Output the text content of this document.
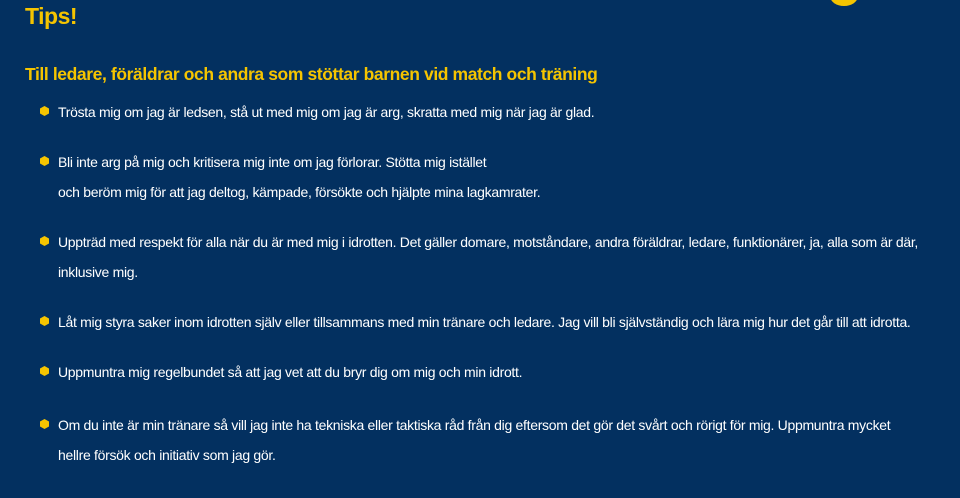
Tips!
Till ledare, föräldrar och andra som stöttar barnen vid match och träning
Trösta mig om jag är ledsen, stå ut med mig om jag är arg, skratta med mig när jag är glad.
Bli inte arg på mig och kritisera mig inte om jag förlorar. Stötta mig istället
och beröm mig för att jag deltog, kämpade, försökte och hjälpte mina lagkamrater.
Uppträd med respekt för alla när du är med mig i idrotten. Det gäller domare, motståndare, andra föräldrar, ledare, funktionärer, ja, alla som är där,
inklusive mig.
Låt mig styra saker inom idrotten själv eller tillsammans med min tränare och ledare. Jag vill bli självständig och lära mig hur det går till att idrotta.
Uppmuntra mig regelbundet så att jag vet att du bryr dig om mig och min idrott.
Om du inte är min tränare så vill jag inte ha tekniska eller taktiska råd från dig eftersom det gör det svårt och rörigt för mig. Uppmuntra mycket
hellre försök och initiativ som jag gör.
